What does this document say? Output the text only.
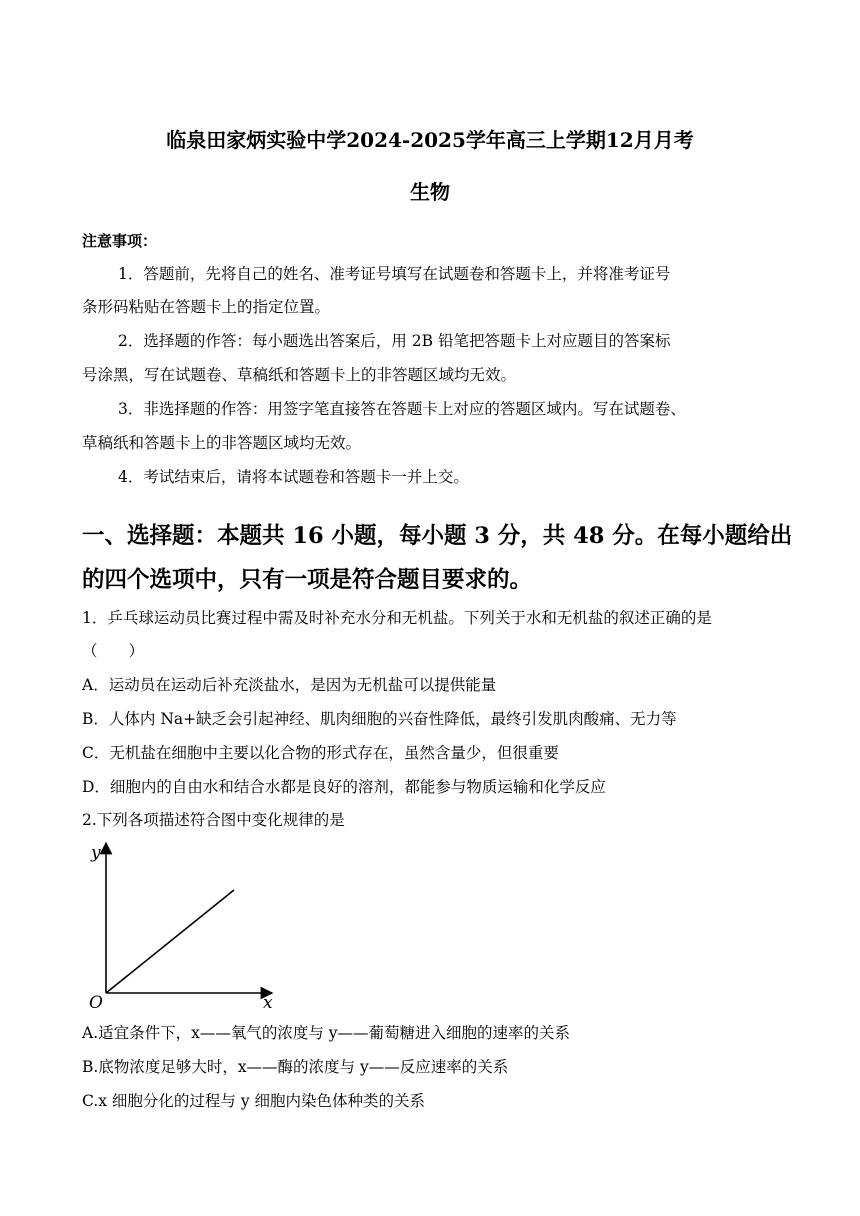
临泉田家炳实验中学2024-2025学年高三上学期12月月考
生物
注意事项：
1．答题前，先将自己的姓名、准考证号填写在试题卷和答题卡上，并将准考证号
条形码粘贴在答题卡上的指定位置。
2．选择题的作答：每小题选出答案后，用 2B 铅笔把答题卡上对应题目的答案标
号涂黑，写在试题卷、草稿纸和答题卡上的非答题区域均无效。
3．非选择题的作答：用签字笔直接答在答题卡上对应的答题区域内。写在试题卷、
草稿纸和答题卡上的非答题区域均无效。
4．考试结束后，请将本试题卷和答题卡一并上交。
一、选择题：本题共 16 小题，每小题 3 分，共 48 分。在每小题给出
的四个选项中，只有一项是符合题目要求的。
1．乒乓球运动员比赛过程中需及时补充水分和无机盐。下列关于水和无机盐的叙述正确的是
（　　）
A．运动员在运动后补充淡盐水，是因为无机盐可以提供能量
B．人体内 Na+缺乏会引起神经、肌肉细胞的兴奋性降低，最终引发肌肉酸痛、无力等
C．无机盐在细胞中主要以化合物的形式存在，虽然含量少，但很重要
D．细胞内的自由水和结合水都是良好的溶剂，都能参与物质运输和化学反应
2.下列各项描述符合图中变化规律的是
y
x
O
A.适宜条件下，x——氧气的浓度与 y——葡萄糖进入细胞的速率的关系
B.底物浓度足够大时，x——酶的浓度与 y——反应速率的关系
C.x 细胞分化的过程与 y 细胞内染色体种类的关系
